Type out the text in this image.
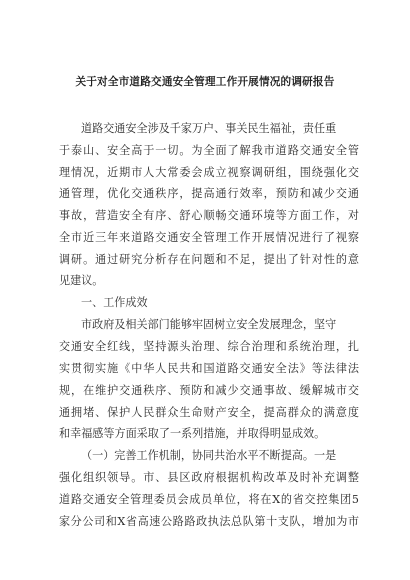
关于对全市道路交通安全管理工作开展情况的调研报告
道路交通安全涉及千家万户、事关民生福祉，责任重
于泰山、安全高于一切。为全面了解我市道路交通安全管
理情况，近期市人大常委会成立视察调研组，围绕强化交
通管理，优化交通秩序，提高通行效率，预防和减少交通
事故，营造安全有序、舒心顺畅交通环境等方面工作，对
全市近三年来道路交通安全管理工作开展情况进行了视察
调研。通过研究分析存在问题和不足，提出了针对性的意
见建议。
一、工作成效
市政府及相关部门能够牢固树立安全发展理念，坚守
交通安全红线，坚持源头治理、综合治理和系统治理，扎
实贯彻实施《中华人民共和国道路交通安全法》等法律法
规，在维护交通秩序、预防和减少交通事故、缓解城市交
通拥堵、保护人民群众生命财产安全，提高群众的满意度
和幸福感等方面采取了一系列措施，并取得明显成效。
（一）完善工作机制，协同共治水平不断提高。一是
强化组织领导。市、县区政府根据机构改革及时补充调整
道路交通安全管理委员会成员单位，将在X的省交控集团5
家分公司和X省高速公路路政执法总队第十支队，增加为市
